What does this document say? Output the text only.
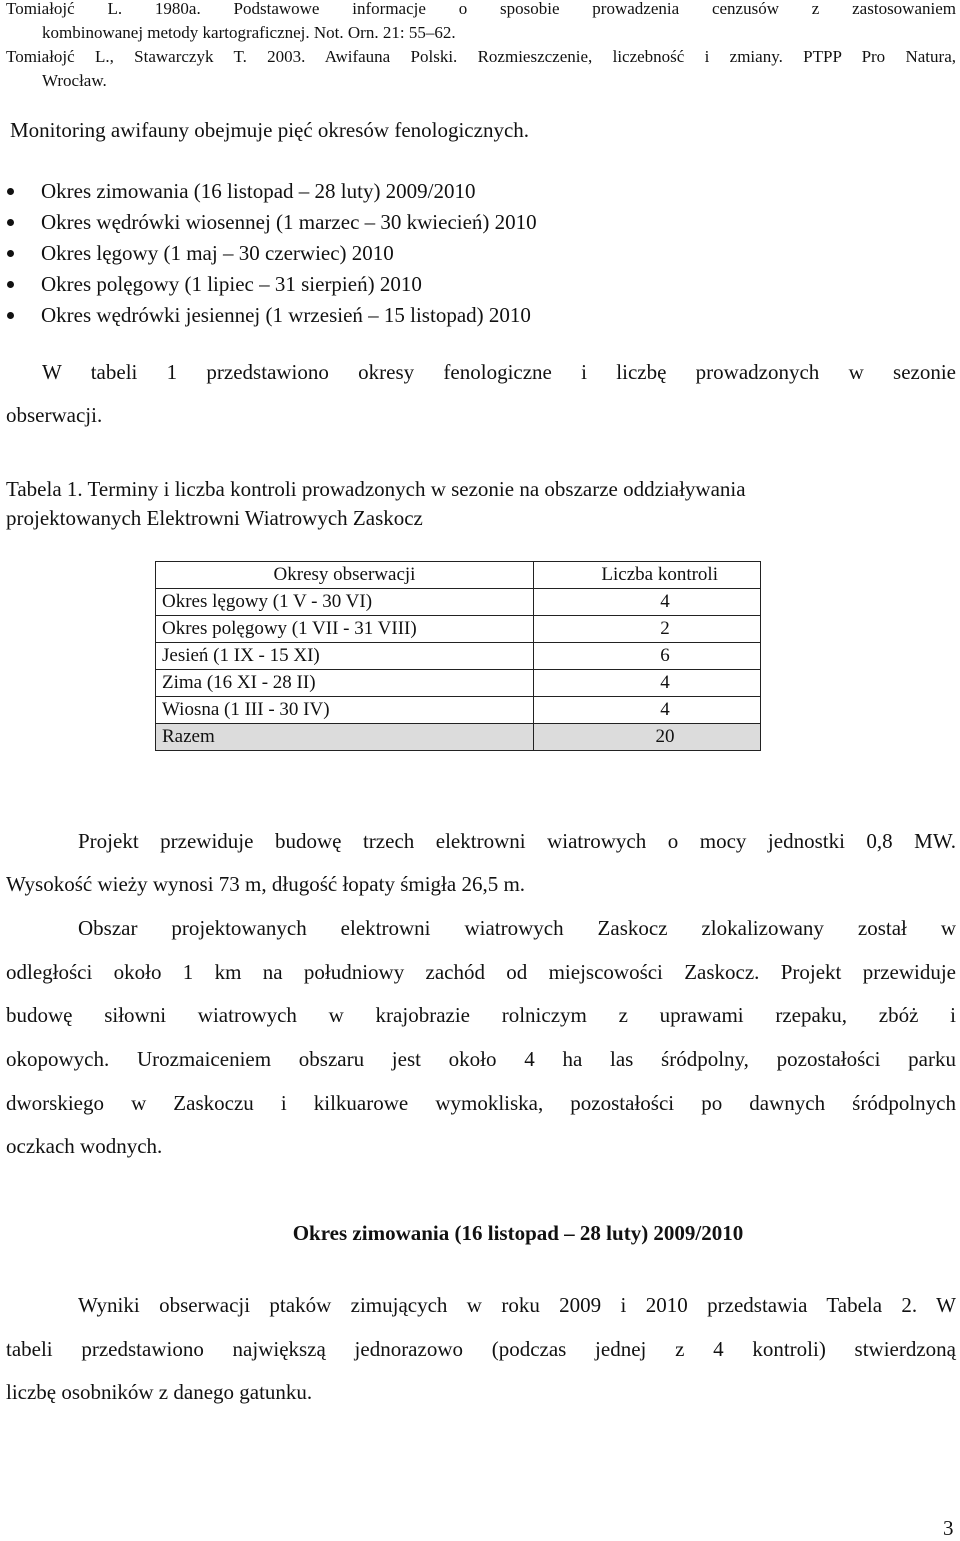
Tomiałojć L. 1980a. Podstawowe informacje o sposobie prowadzenia cenzusów z zastosowaniem
kombinowanej metody kartograficznej. Not. Orn. 21: 55–62.
Tomiałojć L., Stawarczyk T. 2003. Awifauna Polski. Rozmieszczenie, liczebność i zmiany. PTPP Pro Natura,
Wrocław.
Monitoring awifauny obejmuje pięć okresów fenologicznych.
Okres zimowania (16 listopad – 28 luty) 2009/2010
Okres wędrówki wiosennej (1 marzec – 30 kwiecień) 2010
Okres lęgowy (1 maj – 30 czerwiec) 2010
Okres polęgowy (1 lipiec – 31 sierpień) 2010
Okres wędrówki jesiennej (1 wrzesień – 15 listopad) 2010
W tabeli 1 przedstawiono okresy fenologiczne i liczbę prowadzonych w sezonie
obserwacji.
Tabela 1. Terminy i liczba kontroli prowadzonych w sezonie na obszarze oddziaływania
projektowanych Elektrowni Wiatrowych Zaskocz
Okresy obserwacji	Liczba kontroli
Okres lęgowy (1 V - 30 VI)	4
Okres polęgowy (1 VII - 31 VIII)	2
Jesień (1 IX - 15 XI)	6
Zima (16 XI - 28 II)	4
Wiosna (1 III - 30 IV)	4
Razem	20
Projekt przewiduje budowę trzech elektrowni wiatrowych o mocy jednostki 0,8 MW.
Wysokość wieży wynosi 73 m, długość łopaty śmigła 26,5 m.
Obszar projektowanych elektrowni wiatrowych Zaskocz zlokalizowany został w
odległości około 1 km na południowy zachód od miejscowości Zaskocz. Projekt przewiduje
budowę siłowni wiatrowych w krajobrazie rolniczym z uprawami rzepaku, zbóż i
okopowych. Urozmaiceniem obszaru jest około 4 ha las śródpolny, pozostałości parku
dworskiego w Zaskoczu i kilkuarowe wymokliska, pozostałości po dawnych śródpolnych
oczkach wodnych.
Okres zimowania (16 listopad – 28 luty) 2009/2010
Wyniki obserwacji ptaków zimujących w roku 2009 i 2010 przedstawia Tabela 2. W
tabeli przedstawiono największą jednorazowo (podczas jednej z 4 kontroli) stwierdzoną
liczbę osobników z danego gatunku.
3
